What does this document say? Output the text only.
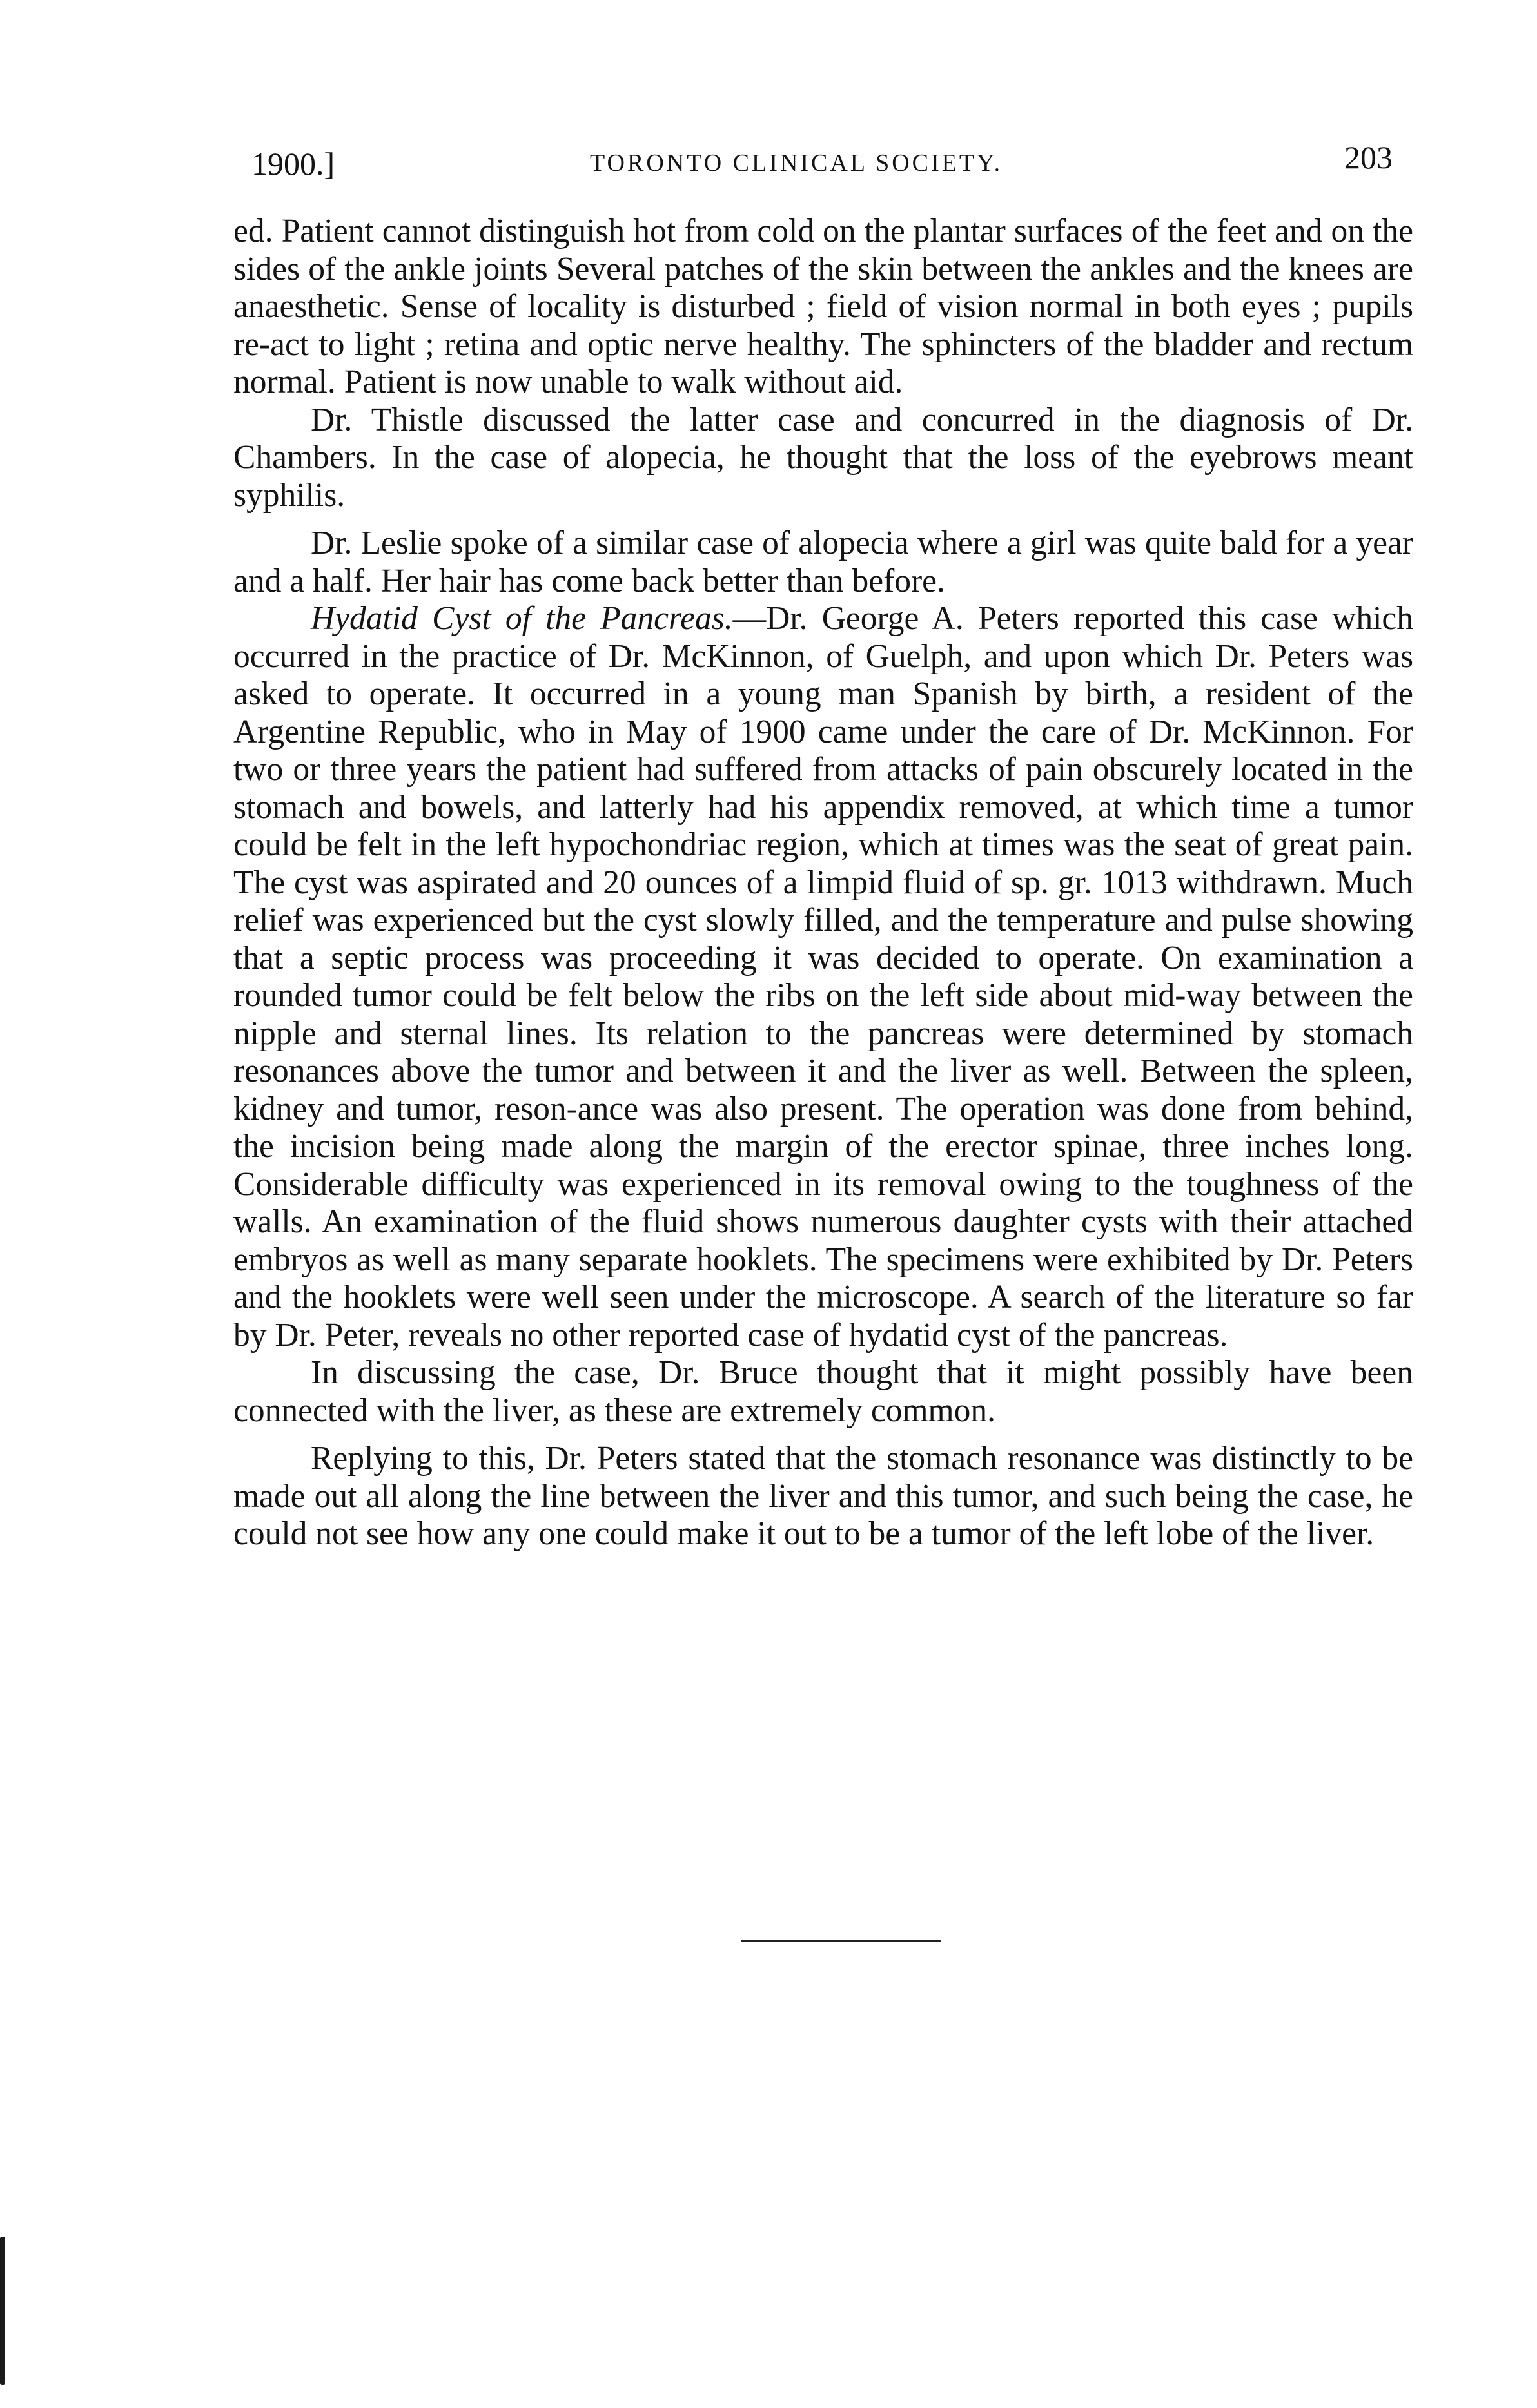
1900.]	TORONTO CLINICAL SOCIETY.	203

ed. Patient cannot distinguish hot from cold on the plantar surfaces of the feet and on the sides of the ankle joints Several patches of the skin between the ankles and the knees are anaesthetic. Sense of locality is disturbed ; field of vision normal in both eyes ; pupils re-act to light ; retina and optic nerve healthy. The sphincters of the bladder and rectum normal. Patient is now unable to walk without aid.

Dr. Thistle discussed the latter case and concurred in the diagnosis of Dr. Chambers. In the case of alopecia, he thought that the loss of the eyebrows meant syphilis.

Dr. Leslie spoke of a similar case of alopecia where a girl was quite bald for a year and a half. Her hair has come back better than before.

Hydatid Cyst of the Pancreas.—Dr. George A. Peters reported this case which occurred in the practice of Dr. McKinnon, of Guelph, and upon which Dr. Peters was asked to operate. It occurred in a young man Spanish by birth, a resident of the Argentine Republic, who in May of 1900 came under the care of Dr. McKinnon. For two or three years the patient had suffered from attacks of pain obscurely located in the stomach and bowels, and latterly had his appendix removed, at which time a tumor could be felt in the left hypochondriac region, which at times was the seat of great pain. The cyst was aspirated and 20 ounces of a limpid fluid of sp. gr. 1013 withdrawn. Much relief was experienced but the cyst slowly filled, and the temperature and pulse showing that a septic process was proceeding it was decided to operate. On examination a rounded tumor could be felt below the ribs on the left side about mid-way between the nipple and sternal lines. Its relation to the pancreas were determined by stomach resonances above the tumor and between it and the liver as well. Between the spleen, kidney and tumor, reson-ance was also present. The operation was done from behind, the incision being made along the margin of the erector spinae, three inches long. Considerable difficulty was experienced in its removal owing to the toughness of the walls. An examination of the fluid shows numerous daughter cysts with their attached embryos as well as many separate hooklets. The specimens were exhibited by Dr. Peters and the hooklets were well seen under the microscope. A search of the literature so far by Dr. Peter, reveals no other reported case of hydatid cyst of the pancreas.

In discussing the case, Dr. Bruce thought that it might possibly have been connected with the liver, as these are extremely common.

Replying to this, Dr. Peters stated that the stomach resonance was distinctly to be made out all along the line between the liver and this tumor, and such being the case, he could not see how any one could make it out to be a tumor of the left lobe of the liver.
